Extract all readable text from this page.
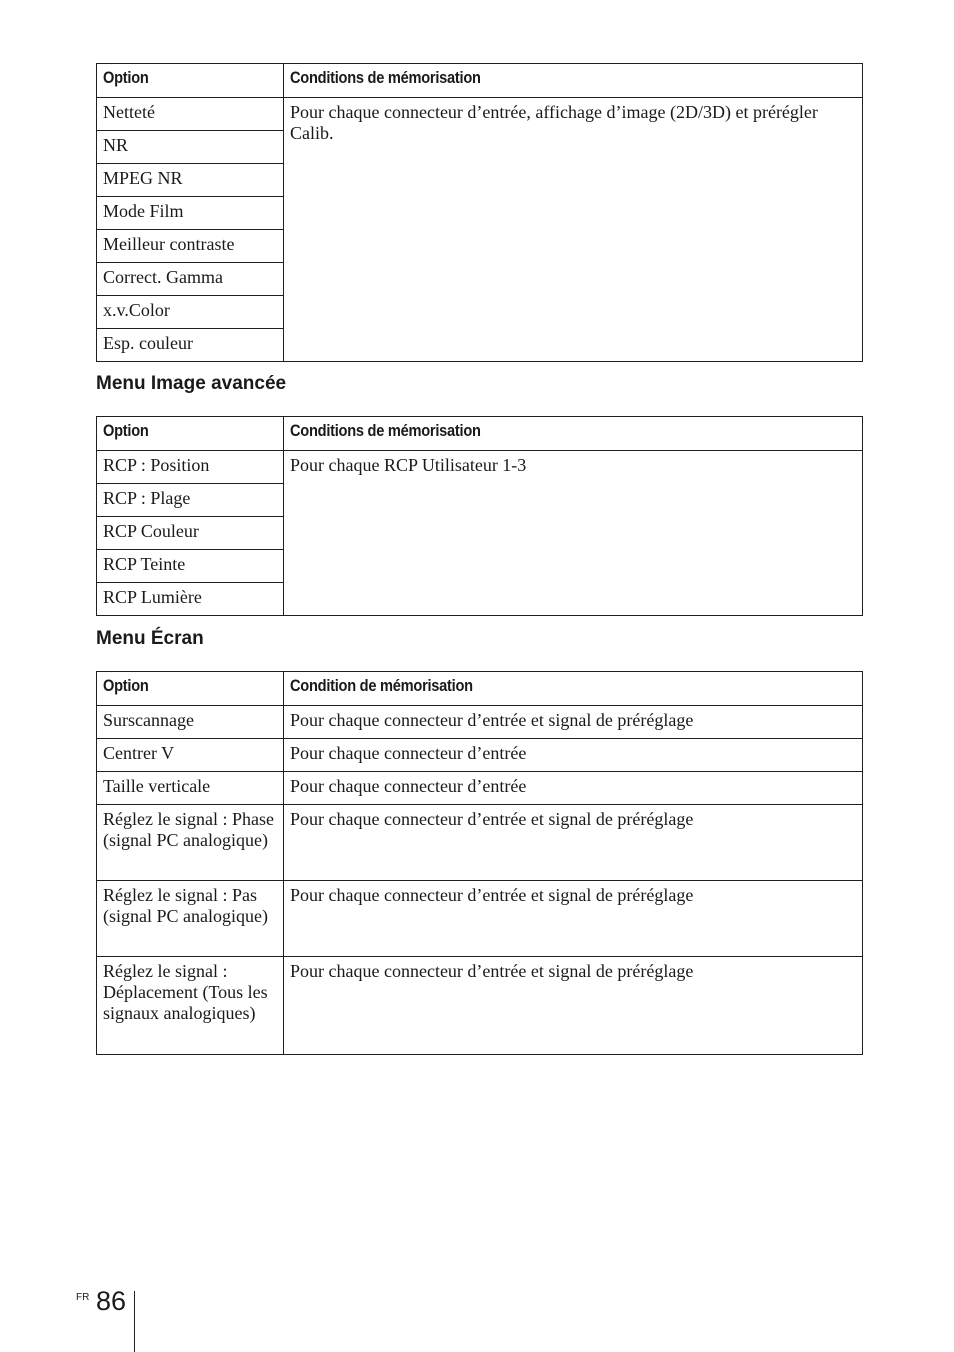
Option	Conditions de mémorisation
Netteté	Pour chaque connecteur d’entrée, affichage d’image (2D/3D) et prérégler Calib.
NR	
MPEG NR	
Mode Film	
Meilleur contraste	
Correct. Gamma	
x.v.Color	
Esp. couleur	
Menu Image avancée
Option	Conditions de mémorisation
RCP : Position	Pour chaque RCP Utilisateur 1-3
RCP : Plage	
RCP Couleur	
RCP Teinte	
RCP Lumière	
Menu Écran
Option	Condition de mémorisation
Surscannage	Pour chaque connecteur d’entrée et signal de préréglage
Centrer V	Pour chaque connecteur d’entrée
Taille verticale	Pour chaque connecteur d’entrée
Réglez le signal : Phase (signal PC analogique)	Pour chaque connecteur d’entrée et signal de préréglage
Réglez le signal : Pas (signal PC analogique)	Pour chaque connecteur d’entrée et signal de préréglage
Réglez le signal : Déplacement (Tous les signaux analogiques)	Pour chaque connecteur d’entrée et signal de préréglage
FR 86
